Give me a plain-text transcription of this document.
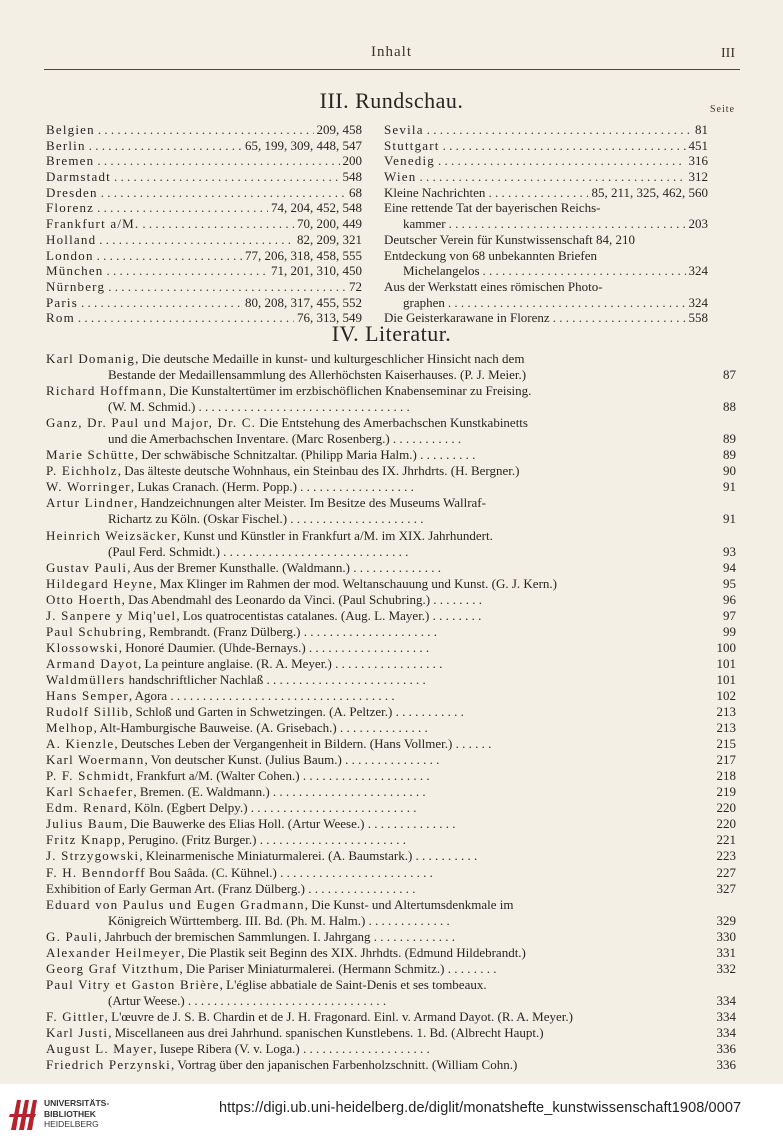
Inhalt	III
III. Rundschau.	Seite
Belgien . . .	209, 458
Berlin . . .	65, 199, 309, 448, 547
Bremen . . .	200
Darmstadt . . .	548
Dresden . . .	68
Florenz . . .	74, 204, 452, 548
Frankfurt a/M. . . .	70, 200, 449
Holland . . .	82, 209, 321
London . . .	77, 206, 318, 458, 555
München . . .	71, 201, 310, 450
Nürnberg . . .	72
Paris . . .	80, 208, 317, 455, 552
Rom . . .	76, 313, 549
Sevila . . .	81
Stuttgart . . .	451
Venedig . . .	316
Wien . . .	312
Kleine Nachrichten . . .	85, 211, 325, 462, 560
Eine rettende Tat der bayerischen Reichs-
kammer . . .	203
Deutscher Verein für Kunstwissenschaft 84, 210
Entdeckung von 68 unbekannten Briefen
Michelangelos . . .	324
Aus der Werkstatt eines römischen Photo-
graphen . . .	324
Die Geisterkarawane in Florenz . . .	558
IV. Literatur.
Karl Domanig, Die deutsche Medaille in kunst- und kulturgeschlicher Hinsicht nach dem
Bestande der Medaillensammlung des Allerhöchsten Kaiserhauses. (P. J. Meier.)	87
Richard Hoffmann, Die Kunstaltertümer im erzbischöflichen Knabenseminar zu Freising.
(W. M. Schmid.) . . . . . . . . . . . . . . . . . . . . . . . . . . . . . . . . .	88
Ganz, Dr. Paul und Major, Dr. C. Die Entstehung des Amerbachschen Kunstkabinetts
und die Amerbachschen Inventare. (Marc Rosenberg.) . . . . . . . . . . .	89
Marie Schütte, Der schwäbische Schnitzaltar. (Philipp Maria Halm.) . . . . . . . . .	89
P. Eichholz, Das älteste deutsche Wohnhaus, ein Steinbau des IX. Jhrhdrts. (H. Bergner.)	90
W. Worringer, Lukas Cranach. (Herm. Popp.) . . . . . . . . . . . . . . . . . .	91
Artur Lindner, Handzeichnungen alter Meister. Im Besitze des Museums Wallraf-
Richartz zu Köln. (Oskar Fischel.) . . . . . . . . . . . . . . . . . . . . .	91
Heinrich Weizsäcker, Kunst und Künstler in Frankfurt a/M. im XIX. Jahrhundert.
(Paul Ferd. Schmidt.) . . . . . . . . . . . . . . . . . . . . . . . . . . . . .	93
Gustav Pauli, Aus der Bremer Kunsthalle. (Waldmann.) . . . . . . . . . . . . . .	94
Hildegard Heyne, Max Klinger im Rahmen der mod. Weltanschauung und Kunst. (G. J. Kern.)	95
Otto Hoerth, Das Abendmahl des Leonardo da Vinci. (Paul Schubring.) . . . . . . . .	96
J. Sanpere y Miq'uel, Los quatrocentistas catalanes. (Aug. L. Mayer.) . . . . . . . .	97
Paul Schubring, Rembrandt. (Franz Dülberg.) . . . . . . . . . . . . . . . . . . . . .	99
Klossowski, Honoré Daumier. (Uhde-Bernays.) . . . . . . . . . . . . . . . . . . .	100
Armand Dayot, La peinture anglaise. (R. A. Meyer.) . . . . . . . . . . . . . . . . .	101
Waldmüllers handschriftlicher Nachlaß . . . . . . . . . . . . . . . . . . . . . . . . .	101
Hans Semper, Agora . . . . . . . . . . . . . . . . . . . . . . . . . . . . . . . . . . .	102
Rudolf Sillib, Schloß und Garten in Schwetzingen. (A. Peltzer.) . . . . . . . . . . .	213
Melhop, Alt-Hamburgische Bauweise. (A. Grisebach.) . . . . . . . . . . . . . .	213
A. Kienzle, Deutsches Leben der Vergangenheit in Bildern. (Hans Vollmer.) . . . . . .	215
Karl Woermann, Von deutscher Kunst. (Julius Baum.) . . . . . . . . . . . . . . .	217
P. F. Schmidt, Frankfurt a/M. (Walter Cohen.) . . . . . . . . . . . . . . . . . . . .	218
Karl Schaefer, Bremen. (E. Waldmann.) . . . . . . . . . . . . . . . . . . . . . . . .	219
Edm. Renard, Köln. (Egbert Delpy.) . . . . . . . . . . . . . . . . . . . . . . . . . .	220
Julius Baum, Die Bauwerke des Elias Holl. (Artur Weese.) . . . . . . . . . . . . . .	220
Fritz Knapp, Perugino. (Fritz Burger.) . . . . . . . . . . . . . . . . . . . . . . .	221
J. Strzygowski, Kleinarmenische Miniaturmalerei. (A. Baumstark.) . . . . . . . . . .	223
F. H. Benndorff Bou Saâda. (C. Kühnel.) . . . . . . . . . . . . . . . . . . . . . . . .	227
Exhibition of Early German Art. (Franz Dülberg.) . . . . . . . . . . . . . . . . .	327
Eduard von Paulus und Eugen Gradmann, Die Kunst- und Altertumsdenkmale im
Königreich Württemberg. III. Bd. (Ph. M. Halm.) . . . . . . . . . . . . .	329
G. Pauli, Jahrbuch der bremischen Sammlungen. I. Jahrgang . . . . . . . . . . . . .	330
Alexander Heilmeyer, Die Plastik seit Beginn des XIX. Jhrhdts. (Edmund Hildebrandt.)	331
Georg Graf Vitzthum, Die Pariser Miniaturmalerei. (Hermann Schmitz.) . . . . . . . .	332
Paul Vitry et Gaston Brière, L'église abbatiale de Saint-Denis et ses tombeaux.
(Artur Weese.) . . . . . . . . . . . . . . . . . . . . . . . . . . . . . . .	334
F. Gittler, L'œuvre de J. S. B. Chardin et de J. H. Fragonard. Einl. v. Armand Dayot. (R. A. Meyer.)	334
Karl Justi, Miscellaneen aus drei Jahrhund. spanischen Kunstlebens. 1. Bd. (Albrecht Haupt.)	334
August L. Mayer, Iusepe Ribera (V. v. Loga.) . . . . . . . . . . . . . . . . . . . .	336
Friedrich Perzynski, Vortrag über den japanischen Farbenholzschnitt. (William Cohn.)	336
UNIVERSITÄTS-
BIBLIOTHEK
HEIDELBERG
https://digi.ub.uni-heidelberg.de/diglit/monatshefte_kunstwissenschaft1908/0007
